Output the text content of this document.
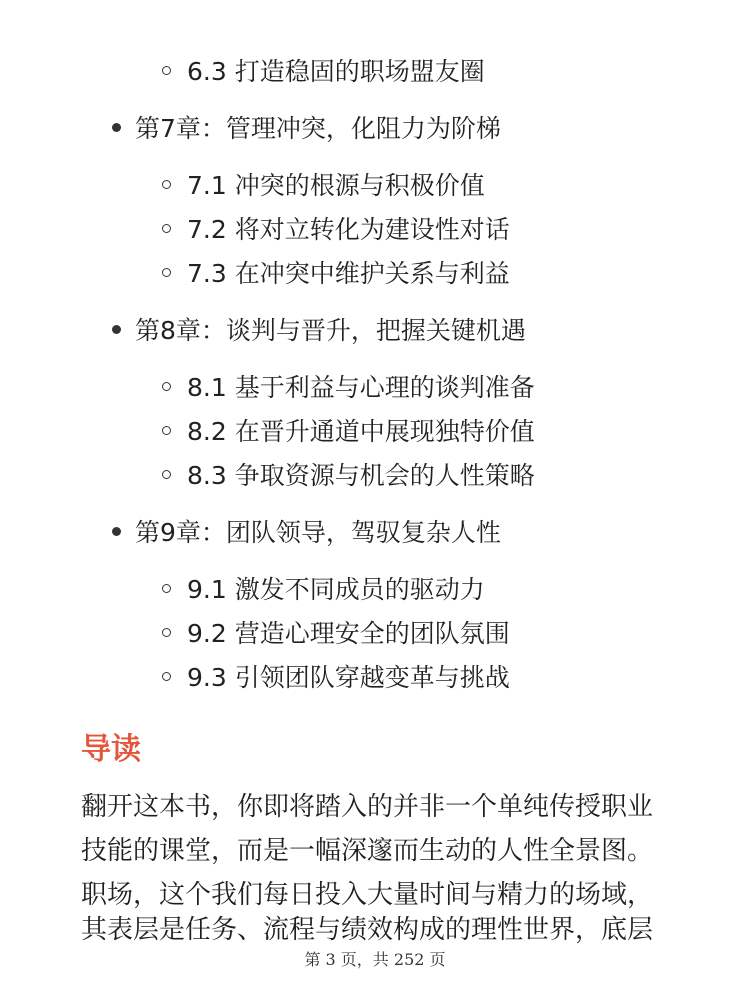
6.3 打造稳固的职场盟友圈
第7章：管理冲突，化阻力为阶梯
7.1 冲突的根源与积极价值
7.2 将对立转化为建设性对话
7.3 在冲突中维护关系与利益
第8章：谈判与晋升，把握关键机遇
8.1 基于利益与心理的谈判准备
8.2 在晋升通道中展现独特价值
8.3 争取资源与机会的人性策略
第9章：团队领导，驾驭复杂人性
9.1 激发不同成员的驱动力
9.2 营造心理安全的团队氛围
9.3 引领团队穿越变革与挑战
导读
翻开这本书，你即将踏入的并非一个单纯传授职业
技能的课堂，而是一幅深邃而生动的人性全景图。
职场，这个我们每日投入大量时间与精力的场域，
其表层是任务、流程与绩效构成的理性世界，底层
第 3 页，共 252 页
